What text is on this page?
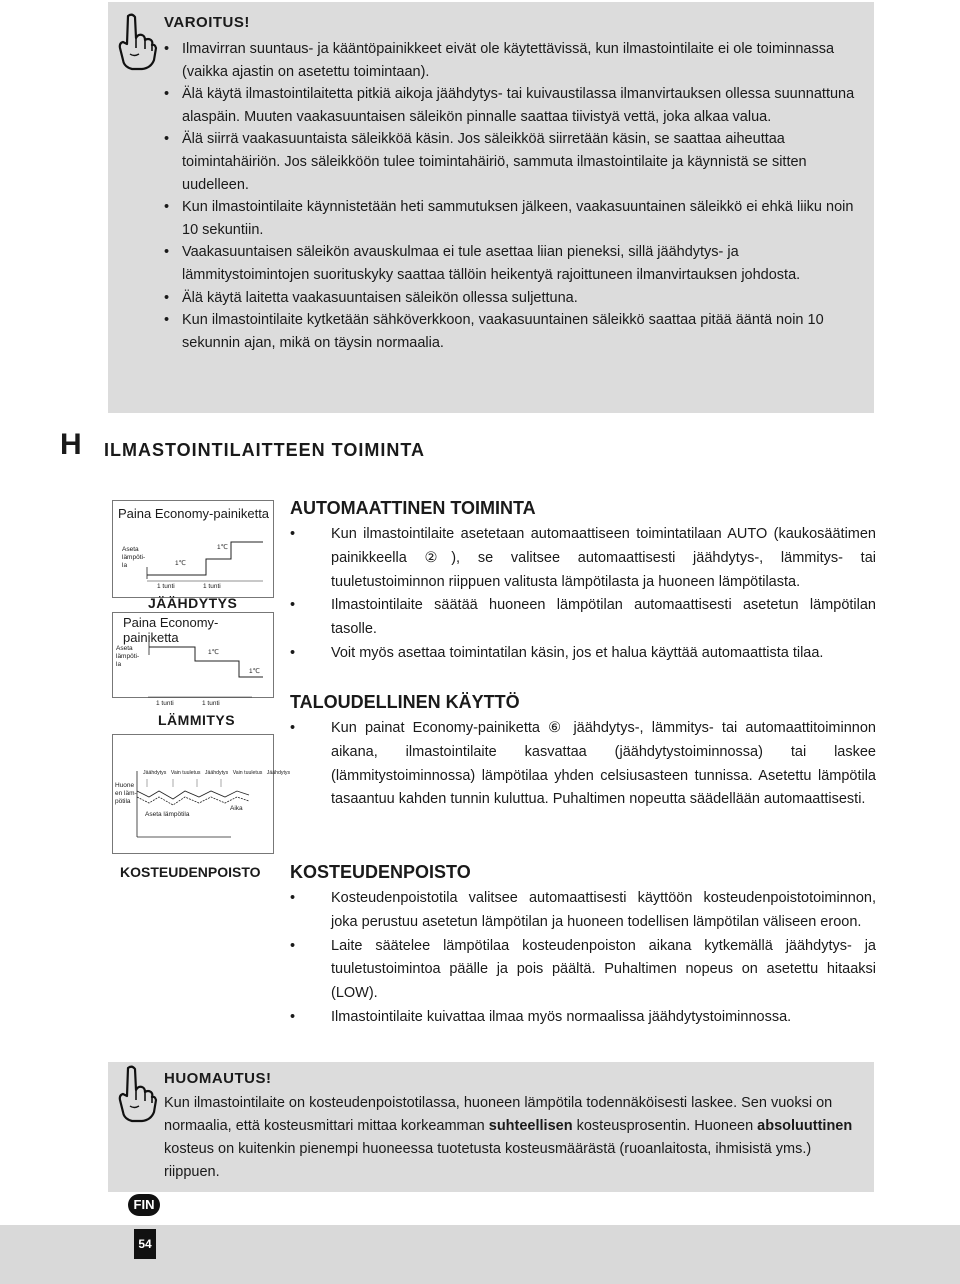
VAROITUS!
• Ilmavirran suuntaus- ja kääntöpainikkeet eivät ole käytettävissä, kun ilmastointilaite ei ole toiminnassa (vaikka ajastin on asetettu toimintaan).
• Älä käytä ilmastointilaitetta pitkiä aikoja jäähdytys- tai kuivaustilassa ilmanvirtauksen ollessa suunnattuna alaspäin. Muuten vaakasuuntaisen säleikön pinnalle saattaa tiivistyä vettä, joka alkaa valua.
• Älä siirrä vaakasuuntaista säleikköä käsin. Jos säleikköä siirretään käsin, se saattaa aiheuttaa toimintahäiriön. Jos säleikköön tulee toimintahäiriö, sammuta ilmastointilaite ja käynnistä se sitten uudelleen.
• Kun ilmastointilaite käynnistetään heti sammutuksen jälkeen, vaakasuuntainen säleikkö ei ehkä liiku noin 10 sekuntiin.
• Vaakasuuntaisen säleikön avauskulmaa ei tule asettaa liian pieneksi, sillä jäähdytys- ja lämmitystoimintojen suorituskyky saattaa tällöin heikentyä rajoittuneen ilmanvirtauksen johdosta.
• Älä käytä laitetta vaakasuuntaisen säleikön ollessa suljettuna.
• Kun ilmastointilaite kytketään sähköverkkoon, vaakasuuntainen säleikkö saattaa pitää ääntä noin 10 sekunnin ajan, mikä on täysin normaalia.
H ILMASTOINTILAITTEEN TOIMINTA
Paina Economy-painiketta
Aseta lämpöti-la	1℃
1℃
1 tunti	1 tunti
JÄÄHDYTYS
Paina Economy-painiketta
Aseta lämpöti-la
1℃
1℃
1 tunti	1 tunti
LÄMMITYS
Jäähdytys Vain tuuletus Jäähdytys Vain tuuletus Jäähdytys
Huone en läm-pötila
Aseta lämpötila
Aika
KOSTEUDENPOISTO
AUTOMAATTINEN TOIMINTA
• Kun ilmastointilaite asetetaan automaattiseen toimintatilaan AUTO (kaukosäätimen painikkeella ②), se valitsee automaattisesti jäähdytys-, lämmitys- tai tuuletustoiminnon riippuen valitusta lämpötilasta ja huoneen lämpötilasta.
• Ilmastointilaite säätää huoneen lämpötilan automaattisesti asetetun lämpötilan tasolle.
• Voit myös asettaa toimintatilan käsin, jos et halua käyttää automaattista tilaa.
TALOUDELLINEN KÄYTTÖ
• Kun painat Economy-painiketta ⑥ jäähdytys-, lämmitys- tai automaattitoiminnon aikana, ilmastointilaite kasvattaa (jäähdytystoiminnossa) tai laskee (lämmitystoiminnossa) lämpötilaa yhden celsiusasteen tunnissa. Asetettu lämpötila tasaantuu kahden tunnin kuluttua. Puhaltimen nopeutta säädellään automaattisesti.
KOSTEUDENPOISTO
• Kosteudenpoistotila valitsee automaattisesti käyttöön kosteudenpoistotoiminnon, joka perustuu asetetun lämpötilan ja huoneen todellisen lämpötilan väliseen eroon.
• Laite säätelee lämpötilaa kosteudenpoiston aikana kytkemällä jäähdytys- ja tuuletustoimintoa päälle ja pois päältä. Puhaltimen nopeus on asetettu hitaaksi (LOW).
• Ilmastointilaite kuivattaa ilmaa myös normaalissa jäähdytystoiminnossa.
HUOMAUTUS!

Kun ilmastointilaite on kosteudenpoistotilassa, huoneen lämpötila todennäköisesti laskee. Sen vuoksi on normaalia, että kosteusmittari mittaa korkeamman suhteellisen kosteusprosentin. Huoneen absoluuttinen kosteus on kuitenkin pienempi huoneessa tuotetusta kosteusmäärästä (ruoanlaitosta, ihmisistä yms.) riippuen.

FIN
54
